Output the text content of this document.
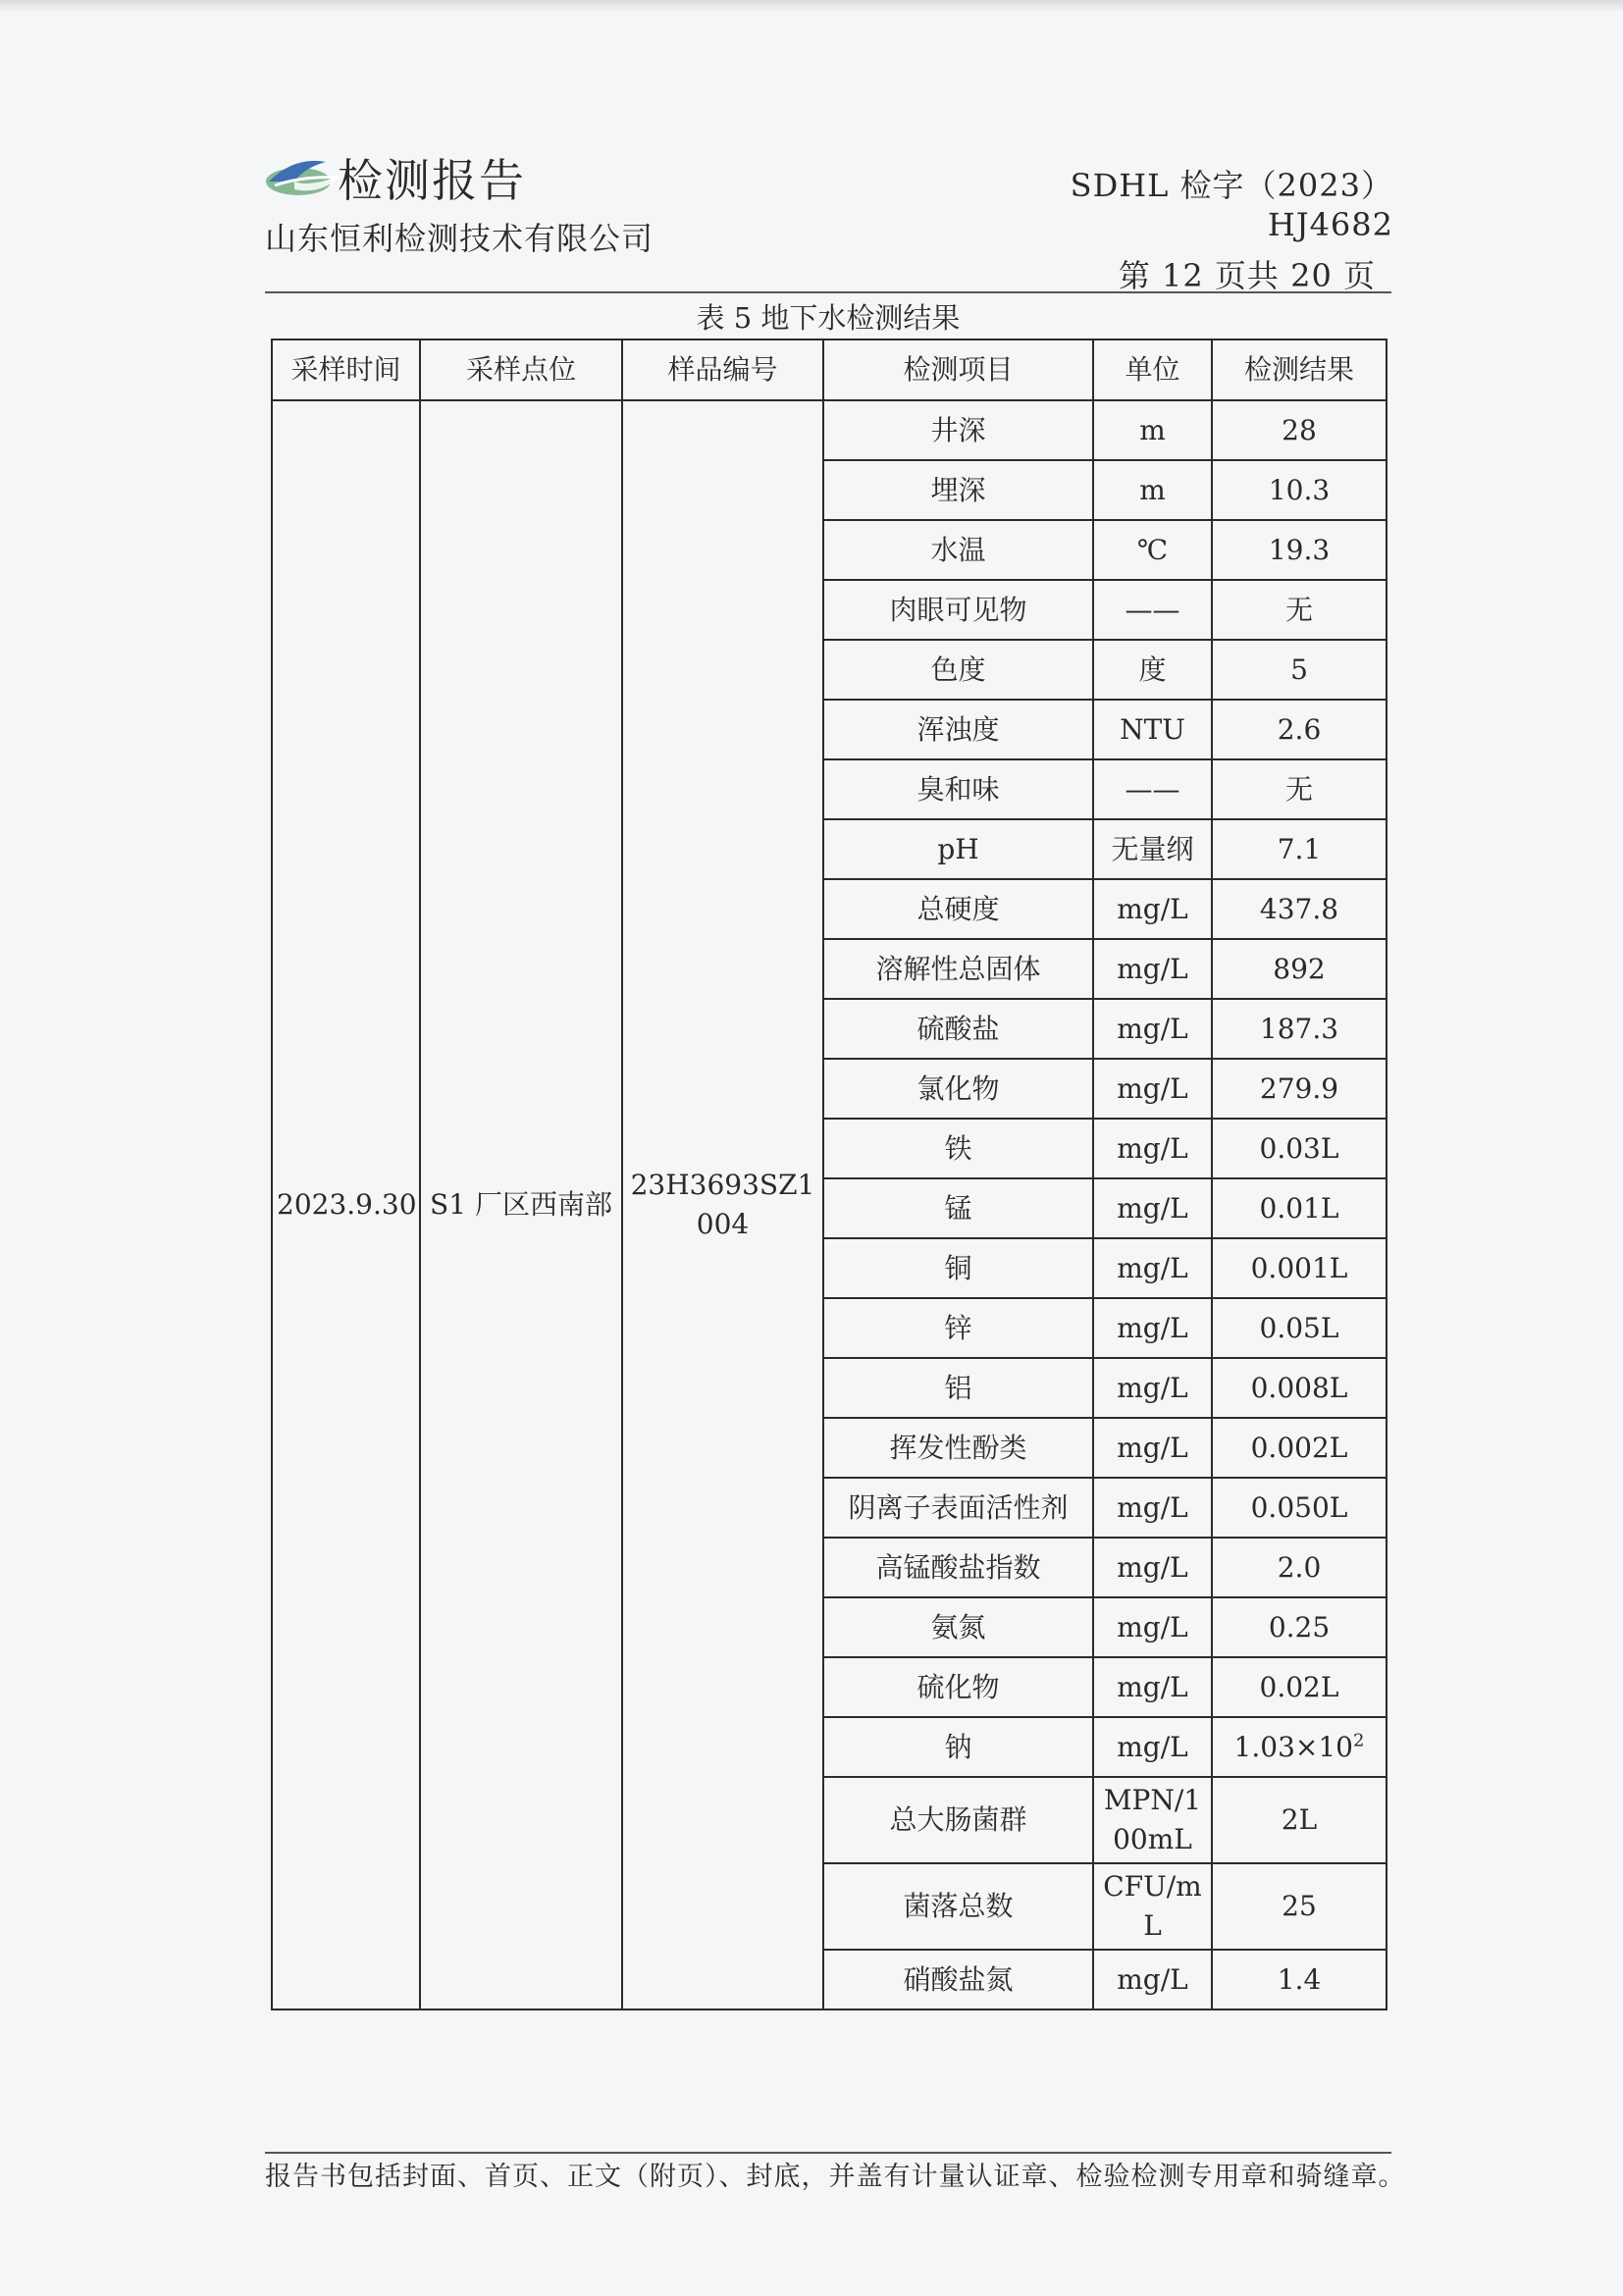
检测报告
山东恒利检测技术有限公司
SDHL 检字（2023）HJ4682
第 12 页共 20 页
表 5 地下水检测结果
采样时间	采样点位	样品编号	检测项目	单位	检测结果
2023.9.30	S1 厂区西南部	23H3693SZ1004	井深	m	28
			埋深	m	10.3
			水温	℃	19.3
			肉眼可见物	——	无
			色度	度	5
			浑浊度	NTU	2.6
			臭和味	——	无
			pH	无量纲	7.1
			总硬度	mg/L	437.8
			溶解性总固体	mg/L	892
			硫酸盐	mg/L	187.3
			氯化物	mg/L	279.9
			铁	mg/L	0.03L
			锰	mg/L	0.01L
			铜	mg/L	0.001L
			锌	mg/L	0.05L
			铝	mg/L	0.008L
			挥发性酚类	mg/L	0.002L
			阴离子表面活性剂	mg/L	0.050L
			高锰酸盐指数	mg/L	2.0
			氨氮	mg/L	0.25
			硫化物	mg/L	0.02L
			钠	mg/L	$1.03\times 10^2$
			总大肠菌群	MPN/100mL	2L
			菌落总数	CFU/mL	25
			硝酸盐氮	mg/L	1.4
报告书包括封面、首页、正文（附页）、封底，并盖有计量认证章、检验检测专用章和骑缝章。
